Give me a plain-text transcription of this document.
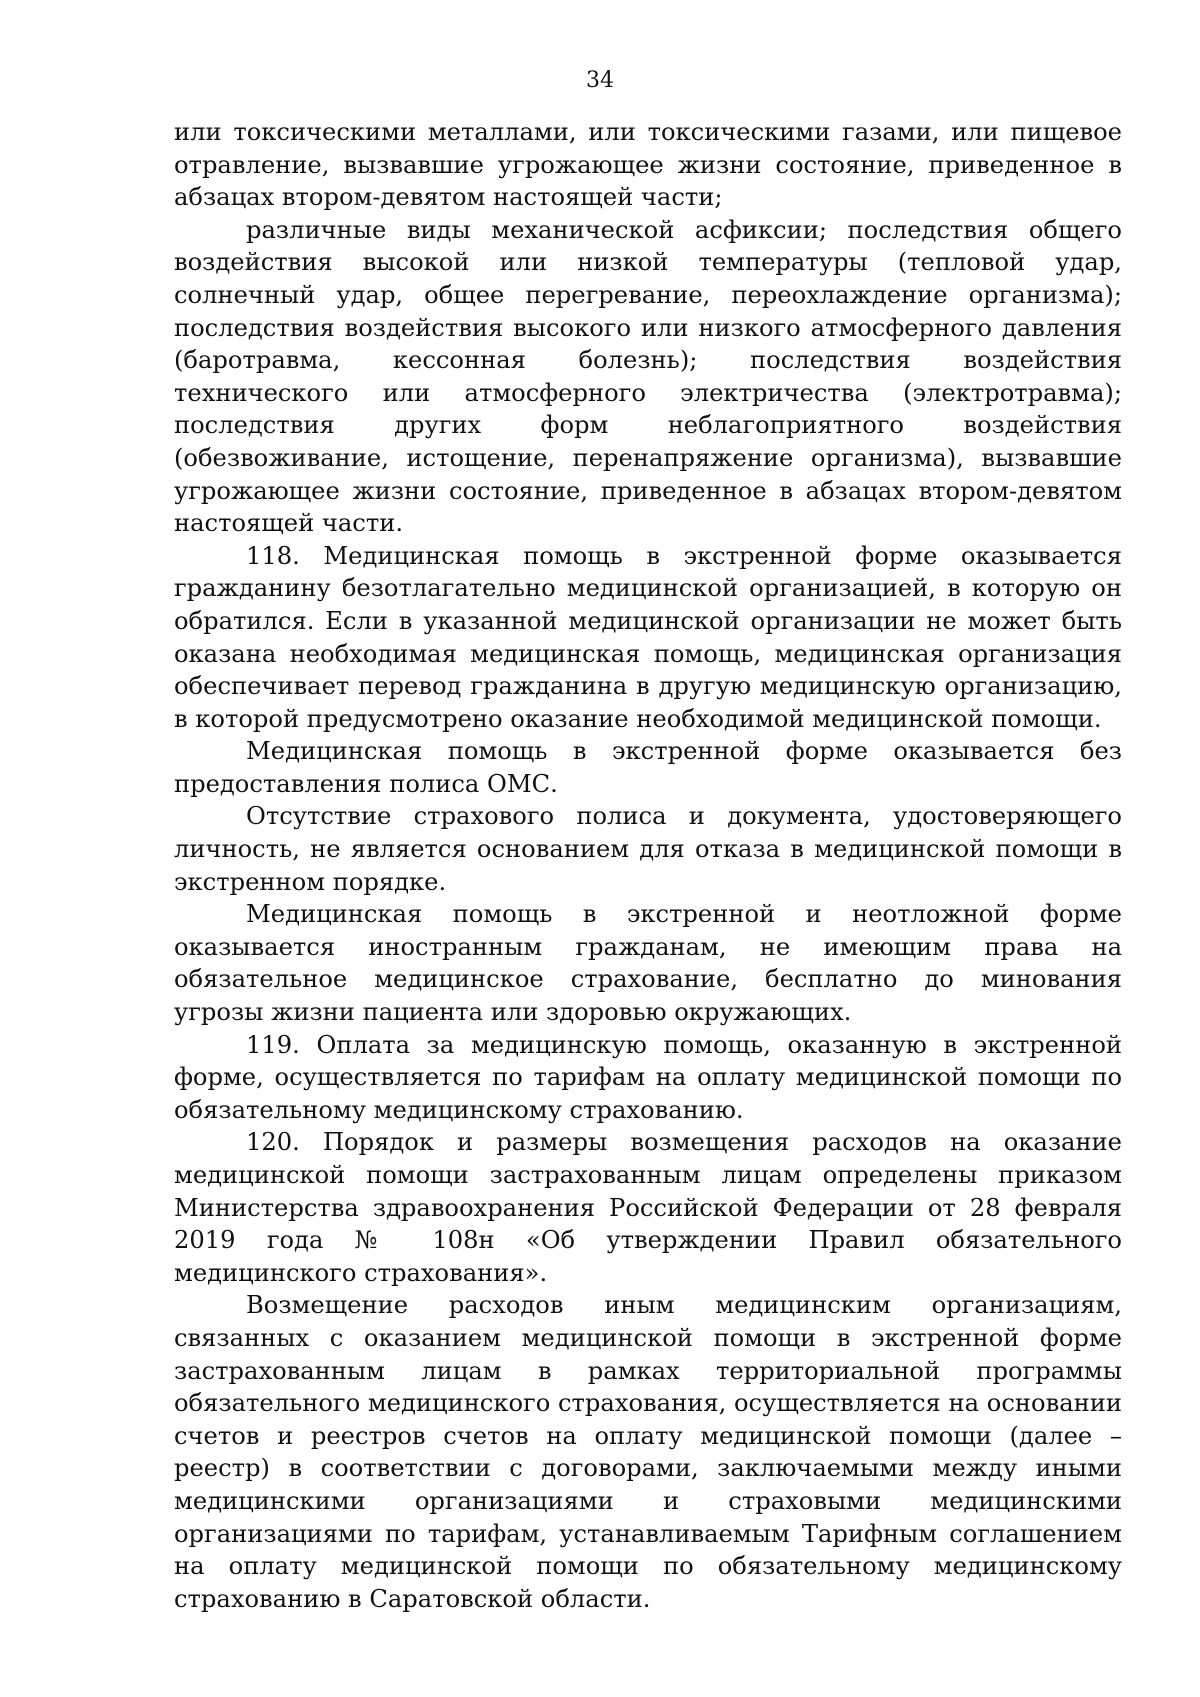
34

или токсическими металлами, или токсическими газами, или пищевое отравление, вызвавшие угрожающее жизни состояние, приведенное в абзацах втором-девятом настоящей части;

различные виды механической асфиксии; последствия общего воздействия высокой или низкой температуры (тепловой удар, солнечный удар, общее перегревание, переохлаждение организма); последствия воздействия высокого или низкого атмосферного давления (баротравма, кессонная болезнь); последствия воздействия технического или атмосферного электричества (электротравма); последствия других форм неблагоприятного воздействия (обезвоживание, истощение, перенапряжение организма), вызвавшие угрожающее жизни состояние, приведенное в абзацах втором-девятом настоящей части.

118. Медицинская помощь в экстренной форме оказывается гражданину безотлагательно медицинской организацией, в которую он обратился. Если в указанной медицинской организации не может быть оказана необходимая медицинская помощь, медицинская организация обеспечивает перевод гражданина в другую медицинскую организацию, в которой предусмотрено оказание необходимой медицинской помощи.

Медицинская помощь в экстренной форме оказывается без предоставления полиса ОМС.

Отсутствие страхового полиса и документа, удостоверяющего личность, не является основанием для отказа в медицинской помощи в экстренном порядке.

Медицинская помощь в экстренной и неотложной форме оказывается иностранным гражданам, не имеющим права на обязательное медицинское страхование, бесплатно до минования угрозы жизни пациента или здоровью окружающих.

119. Оплата за медицинскую помощь, оказанную в экстренной форме, осуществляется по тарифам на оплату медицинской помощи по обязательному медицинскому страхованию.

120. Порядок и размеры возмещения расходов на оказание медицинской помощи застрахованным лицам определены приказом Министерства здравоохранения Российской Федерации от 28 февраля 2019 года № 108н «Об утверждении Правил обязательного медицинского страхования».

Возмещение расходов иным медицинским организациям, связанных с оказанием медицинской помощи в экстренной форме застрахованным лицам в рамках территориальной программы обязательного медицинского страхования, осуществляется на основании счетов и реестров счетов на оплату медицинской помощи (далее – реестр) в соответствии с договорами, заключаемыми между иными медицинскими организациями и страховыми медицинскими организациями по тарифам, устанавливаемым Тарифным соглашением на оплату медицинской помощи по обязательному медицинскому страхованию в Саратовской области.
